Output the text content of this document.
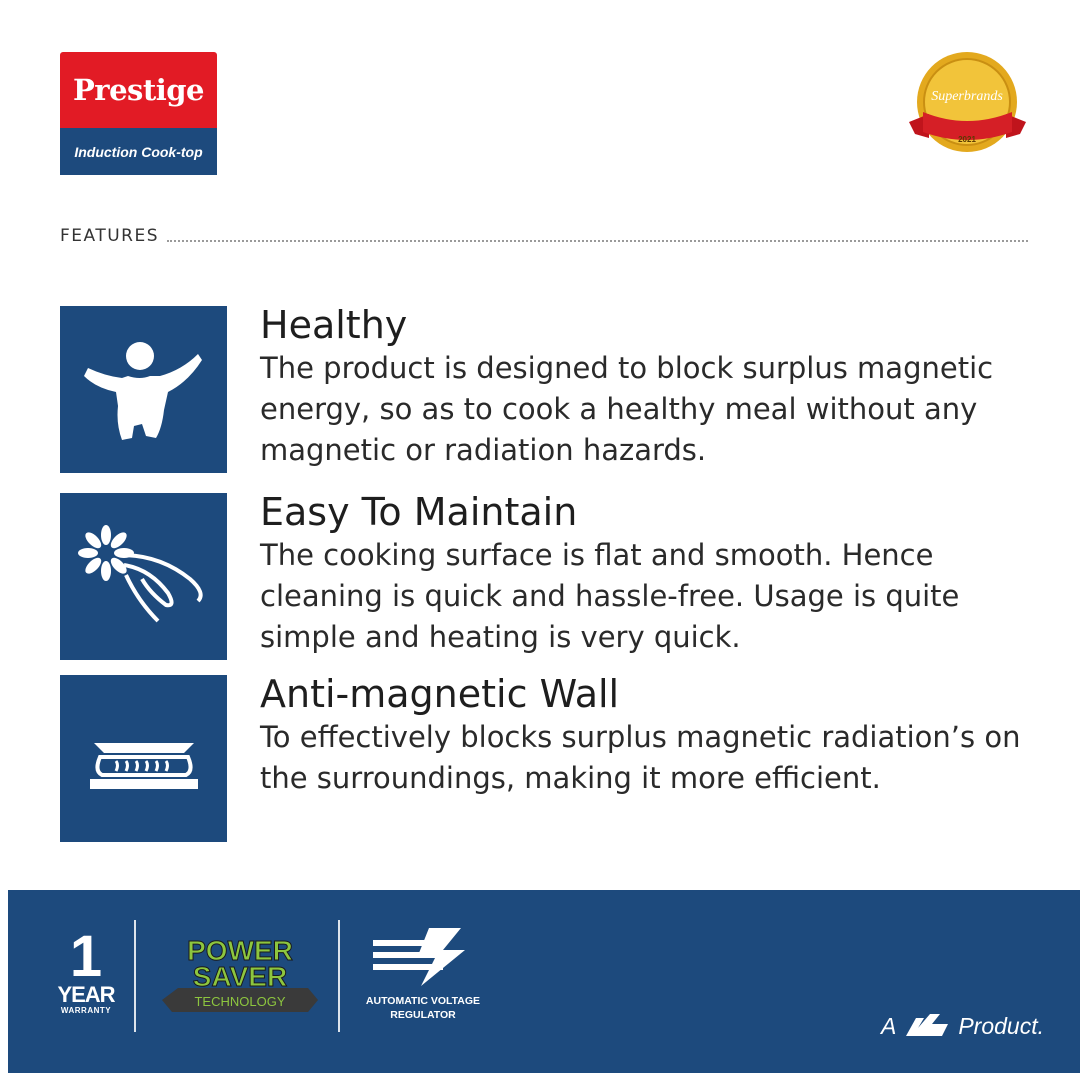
Prestige
Induction Cook-top
Superbrands
2021
FEATURES
Healthy
The product is designed to block surplus magnetic energy, so as to cook a healthy meal without any magnetic or radiation hazards.
Easy To Maintain
The cooking surface is flat and smooth. Hence cleaning is quick and hassle-free. Usage is quite simple and heating is very quick.
Anti-magnetic Wall
To effectively blocks surplus magnetic radiation’s on the surroundings, making it more efficient.
1
YEAR
WARRANTY
POWER
SAVER
TECHNOLOGY	AUTOMATIC VOLTAGE REGULATOR	A	Product.
